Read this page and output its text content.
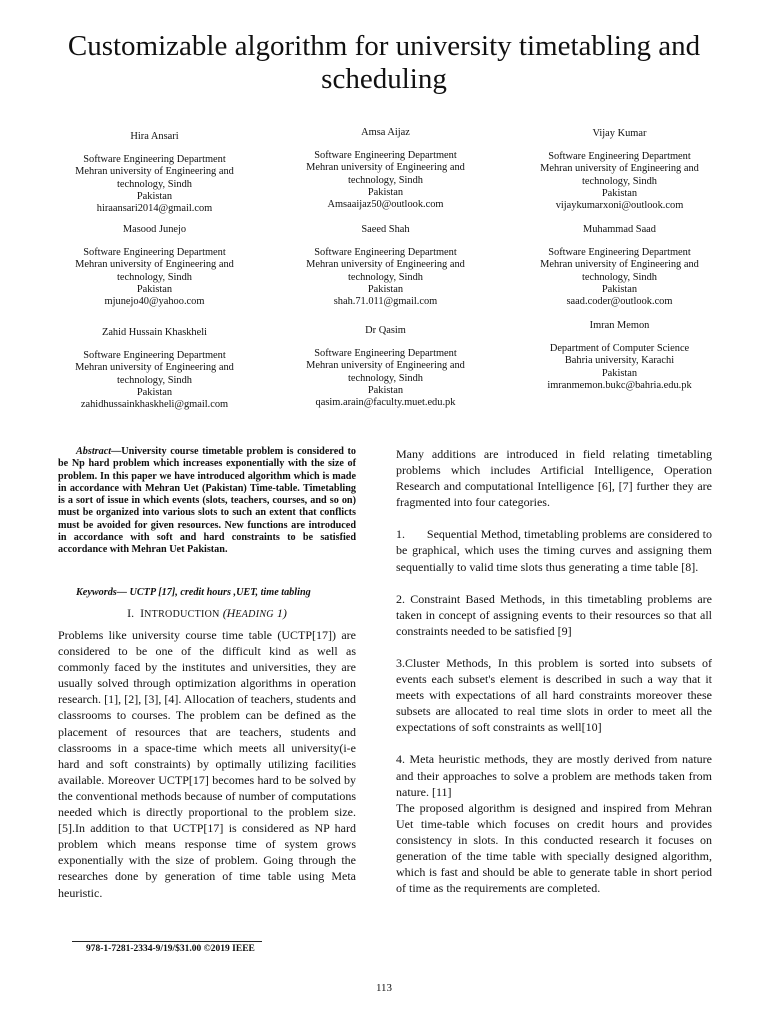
Customizable algorithm for university timetabling and scheduling
Hira Ansari
Software Engineering Department
Mehran university of Engineering and technology, Sindh
Pakistan
hiraansari2014@gmail.com
Amsa Aijaz
Software Engineering Department
Mehran university of Engineering and technology, Sindh
Pakistan
Amsaaijaz50@outlook.com
Vijay Kumar
Software Engineering Department
Mehran university of Engineering and technology, Sindh
Pakistan
vijaykumarxoni@outlook.com
Masood Junejo
Software Engineering Department
Mehran university of Engineering and technology, Sindh
Pakistan
mjunejo40@yahoo.com
Saeed Shah
Software Engineering Department
Mehran university of Engineering and technology, Sindh
Pakistan
shah.71.011@gmail.com
Muhammad Saad
Software Engineering Department
Mehran university of Engineering and technology, Sindh
Pakistan
saad.coder@outlook.com
Zahid Hussain Khaskheli
Software Engineering Department
Mehran university of Engineering and technology, Sindh
Pakistan
zahidhussainkhaskheli@gmail.com
Dr Qasim
Software Engineering Department
Mehran university of Engineering and technology, Sindh
Pakistan
qasim.arain@faculty.muet.edu.pk
Imran Memon
Department of Computer Science
Bahria university, Karachi
Pakistan
imranmemon.bukc@bahria.edu.pk

Abstract—University course timetable problem is considered to be Np hard problem which increases exponentially with the size of problem. In this paper we have introduced algorithm which is made in accordance with Mehran Uet (Pakistan) Time-table. Timetabling is a sort of issue in which events (slots, teachers, courses, and so on) must be organized into various slots to such an extent that conflicts must be avoided for given resources. New functions are introduced in accordance with soft and hard constraints to be satisfied accordance with Mehran Uet Pakistan.

Keywords— UCTP [17], credit hours ,UET, time tabling

I. INTRODUCTION (HEADING 1)

Problems like university course time table (UCTP[17]) are considered to be one of the difficult kind as well as commonly faced by the institutes and universities, they are usually solved through optimization algorithms in operation research. [1], [2], [3], [4]. Allocation of teachers, students and classrooms to courses. The problem can be defined as the placement of resources that are teachers, students and classrooms in a space-time which meets all university(i-e hard and soft constraints) by optimally utilizing facilities available. Moreover UCTP[17] becomes hard to be solved by the conventional methods because of number of computations needed which is directly proportional to the problem size.[5].In addition to that UCTP[17] is considered as NP hard problem which means response time of system grows exponentially with the size of problem. Going through the researches done by generation of time table using Meta heuristic.

Many additions are introduced in field relating timetabling problems which includes Artificial Intelligence, Operation Research and computational Intelligence [6], [7] further they are fragmented into four categories.

1.       Sequential Method, timetabling problems are considered to be graphical, which uses the timing curves and assigning them sequentially to valid time slots thus generating a time table [8].

2. Constraint Based Methods, in this timetabling problems are taken in concept of assigning events to their resources so that all constraints needed to be satisfied [9]

3.Cluster Methods, In this problem is sorted into subsets of events each subset's element is described in such a way that it meets with expectations of all hard constraints moreover these subsets are allocated to real time slots in order to meet all the expectations of soft constraints as well[10]

4. Meta heuristic methods, they are mostly derived from nature and their approaches to solve a problem are methods taken from nature. [11]

The proposed algorithm is designed and inspired from Mehran Uet time-table which focuses on credit hours and provides consistency in slots. In this conducted research it focuses on generation of the time table with specially designed algorithm, which is fast and should be able to generate table in short period of time as the requirements are completed.

978-1-7281-2334-9/19/$31.00 ©2019 IEEE

113
